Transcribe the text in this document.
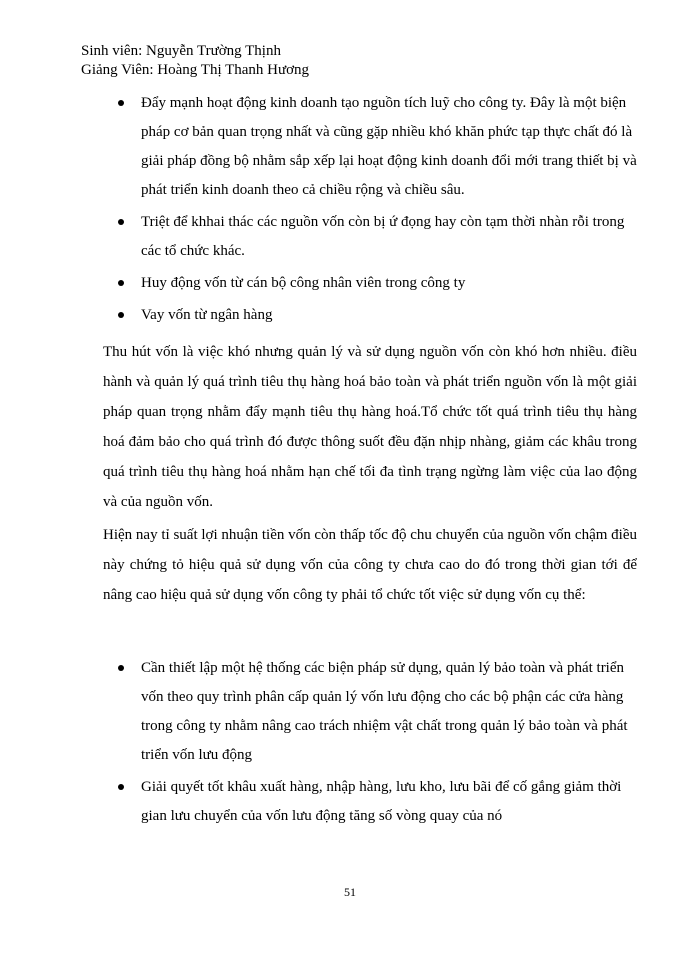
Sinh viên: Nguyễn Trường Thịnh
Giảng Viên: Hoàng Thị Thanh Hương
Đẩy mạnh hoạt động kinh doanh tạo nguồn tích luỹ cho công ty. Đây là một biện pháp cơ bản quan trọng nhất và cũng gặp nhiều khó khăn phức tạp thực chất đó là giải pháp đồng bộ nhằm sắp xếp lại hoạt động kinh doanh đổi mới trang thiết bị và phát triển kinh doanh theo cả chiều rộng và chiều sâu.
Triệt để khhai thác các nguồn vốn còn bị ứ đọng hay còn tạm thời nhàn rỗi trong các tổ chức khác.
Huy động vốn từ cán bộ công nhân viên trong công ty
Vay vốn từ ngân hàng

Thu hút vốn là việc khó nhưng quản lý và sử dụng nguồn vốn còn khó hơn nhiều. điều hành và quản lý quá trình tiêu thụ hàng hoá bảo toàn và phát triển nguồn vốn là một giải pháp quan trọng nhằm đẩy mạnh tiêu thụ hàng hoá.Tổ chức tốt quá trình tiêu thụ hàng hoá đảm bảo cho quá trình đó được thông suốt đều đặn nhịp nhàng, giảm các khâu trong quá trình tiêu thụ hàng hoá nhằm hạn chế tối đa tình trạng ngừng làm việc của lao động và của nguồn vốn.

Hiện nay tỉ suất lợi nhuận tiền vốn còn thấp tốc độ chu chuyển của nguồn vốn chậm điều này chứng tỏ hiệu quả sử dụng vốn của công ty chưa cao do đó trong thời gian tới để nâng cao hiệu quả sử dụng vốn công ty phải tổ chức tốt việc sử dụng vốn cụ thể:

Cần thiết lập một hệ thống các biện pháp sử dụng, quản lý bảo toàn và phát triển vốn theo quy trình phân cấp quản lý vốn lưu động cho các bộ phận các cửa hàng trong công ty nhằm nâng cao trách nhiệm vật chất trong quản lý bảo toàn và phát triển vốn lưu động
Giải quyết tốt khâu xuất hàng, nhập hàng, lưu kho, lưu bãi để cố gắng giảm thời gian lưu chuyển của vốn lưu động tăng số vòng quay của nó
51
